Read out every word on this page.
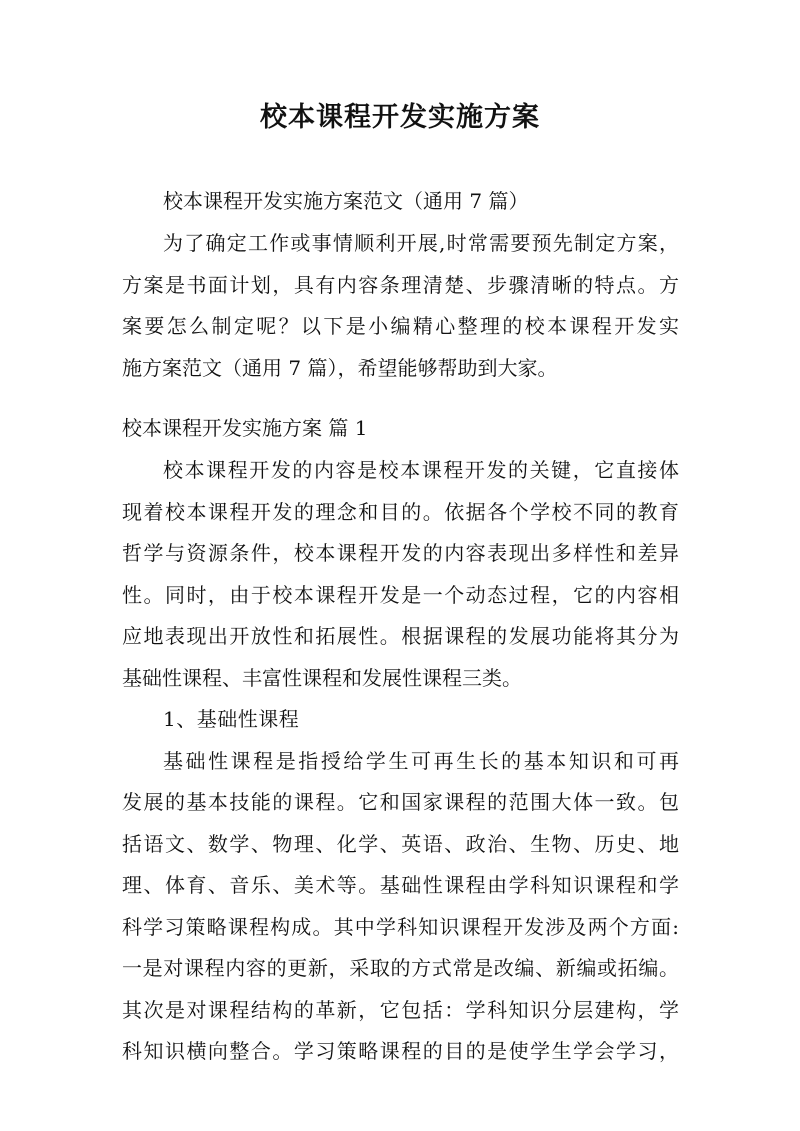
校本课程开发实施方案
校本课程开发实施方案范文（通用 7 篇）
为了确定工作或事情顺利开展,时常需要预先制定方案，
方案是书面计划，具有内容条理清楚、步骤清晰的特点。方
案要怎么制定呢？以下是小编精心整理的校本课程开发实
施方案范文（通用 7 篇），希望能够帮助到大家。
校本课程开发实施方案 篇 1
校本课程开发的内容是校本课程开发的关键，它直接体
现着校本课程开发的理念和目的。依据各个学校不同的教育
哲学与资源条件，校本课程开发的内容表现出多样性和差异
性。同时，由于校本课程开发是一个动态过程，它的内容相
应地表现出开放性和拓展性。根据课程的发展功能将其分为
基础性课程、丰富性课程和发展性课程三类。
1、基础性课程
基础性课程是指授给学生可再生长的基本知识和可再
发展的基本技能的课程。它和国家课程的范围大体一致。包
括语文、数学、物理、化学、英语、政治、生物、历史、地
理、体育、音乐、美术等。基础性课程由学科知识课程和学
科学习策略课程构成。其中学科知识课程开发涉及两个方面:
一是对课程内容的更新，采取的方式常是改编、新编或拓编。
其次是对课程结构的革新，它包括：学科知识分层建构，学
科知识横向整合。学习策略课程的目的是使学生学会学习，
